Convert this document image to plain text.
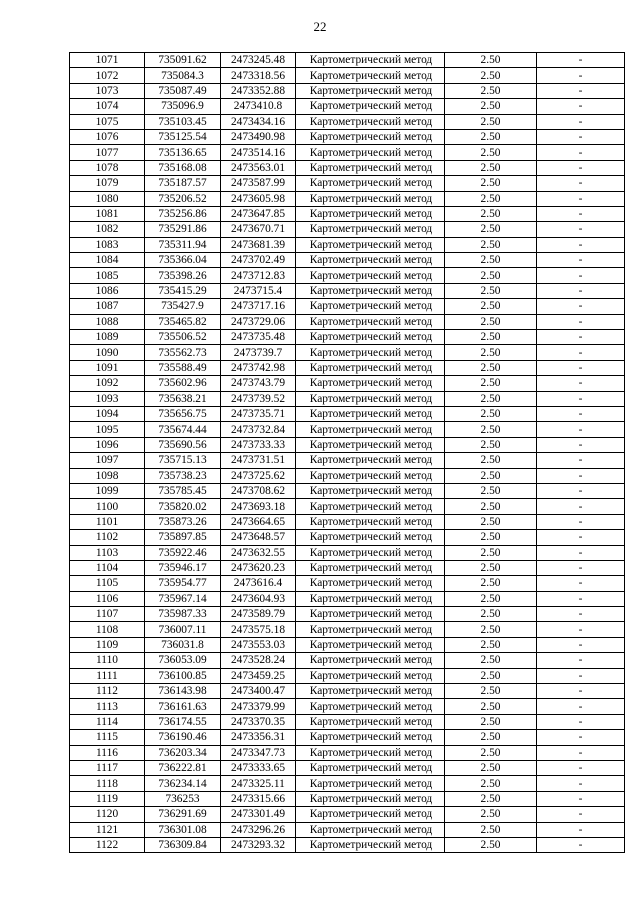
22
1071	735091.62	2473245.48	Картометрический метод	2.50	-
1072	735084.3	2473318.56	Картометрический метод	2.50	-
1073	735087.49	2473352.88	Картометрический метод	2.50	-
1074	735096.9	2473410.8	Картометрический метод	2.50	-
1075	735103.45	2473434.16	Картометрический метод	2.50	-
1076	735125.54	2473490.98	Картометрический метод	2.50	-
1077	735136.65	2473514.16	Картометрический метод	2.50	-
1078	735168.08	2473563.01	Картометрический метод	2.50	-
1079	735187.57	2473587.99	Картометрический метод	2.50	-
1080	735206.52	2473605.98	Картометрический метод	2.50	-
1081	735256.86	2473647.85	Картометрический метод	2.50	-
1082	735291.86	2473670.71	Картометрический метод	2.50	-
1083	735311.94	2473681.39	Картометрический метод	2.50	-
1084	735366.04	2473702.49	Картометрический метод	2.50	-
1085	735398.26	2473712.83	Картометрический метод	2.50	-
1086	735415.29	2473715.4	Картометрический метод	2.50	-
1087	735427.9	2473717.16	Картометрический метод	2.50	-
1088	735465.82	2473729.06	Картометрический метод	2.50	-
1089	735506.52	2473735.48	Картометрический метод	2.50	-
1090	735562.73	2473739.7	Картометрический метод	2.50	-
1091	735588.49	2473742.98	Картометрический метод	2.50	-
1092	735602.96	2473743.79	Картометрический метод	2.50	-
1093	735638.21	2473739.52	Картометрический метод	2.50	-
1094	735656.75	2473735.71	Картометрический метод	2.50	-
1095	735674.44	2473732.84	Картометрический метод	2.50	-
1096	735690.56	2473733.33	Картометрический метод	2.50	-
1097	735715.13	2473731.51	Картометрический метод	2.50	-
1098	735738.23	2473725.62	Картометрический метод	2.50	-
1099	735785.45	2473708.62	Картометрический метод	2.50	-
1100	735820.02	2473693.18	Картометрический метод	2.50	-
1101	735873.26	2473664.65	Картометрический метод	2.50	-
1102	735897.85	2473648.57	Картометрический метод	2.50	-
1103	735922.46	2473632.55	Картометрический метод	2.50	-
1104	735946.17	2473620.23	Картометрический метод	2.50	-
1105	735954.77	2473616.4	Картометрический метод	2.50	-
1106	735967.14	2473604.93	Картометрический метод	2.50	-
1107	735987.33	2473589.79	Картометрический метод	2.50	-
1108	736007.11	2473575.18	Картометрический метод	2.50	-
1109	736031.8	2473553.03	Картометрический метод	2.50	-
1110	736053.09	2473528.24	Картометрический метод	2.50	-
1111	736100.85	2473459.25	Картометрический метод	2.50	-
1112	736143.98	2473400.47	Картометрический метод	2.50	-
1113	736161.63	2473379.99	Картометрический метод	2.50	-
1114	736174.55	2473370.35	Картометрический метод	2.50	-
1115	736190.46	2473356.31	Картометрический метод	2.50	-
1116	736203.34	2473347.73	Картометрический метод	2.50	-
1117	736222.81	2473333.65	Картометрический метод	2.50	-
1118	736234.14	2473325.11	Картометрический метод	2.50	-
1119	736253	2473315.66	Картометрический метод	2.50	-
1120	736291.69	2473301.49	Картометрический метод	2.50	-
1121	736301.08	2473296.26	Картометрический метод	2.50	-
1122	736309.84	2473293.32	Картометрический метод	2.50	-
